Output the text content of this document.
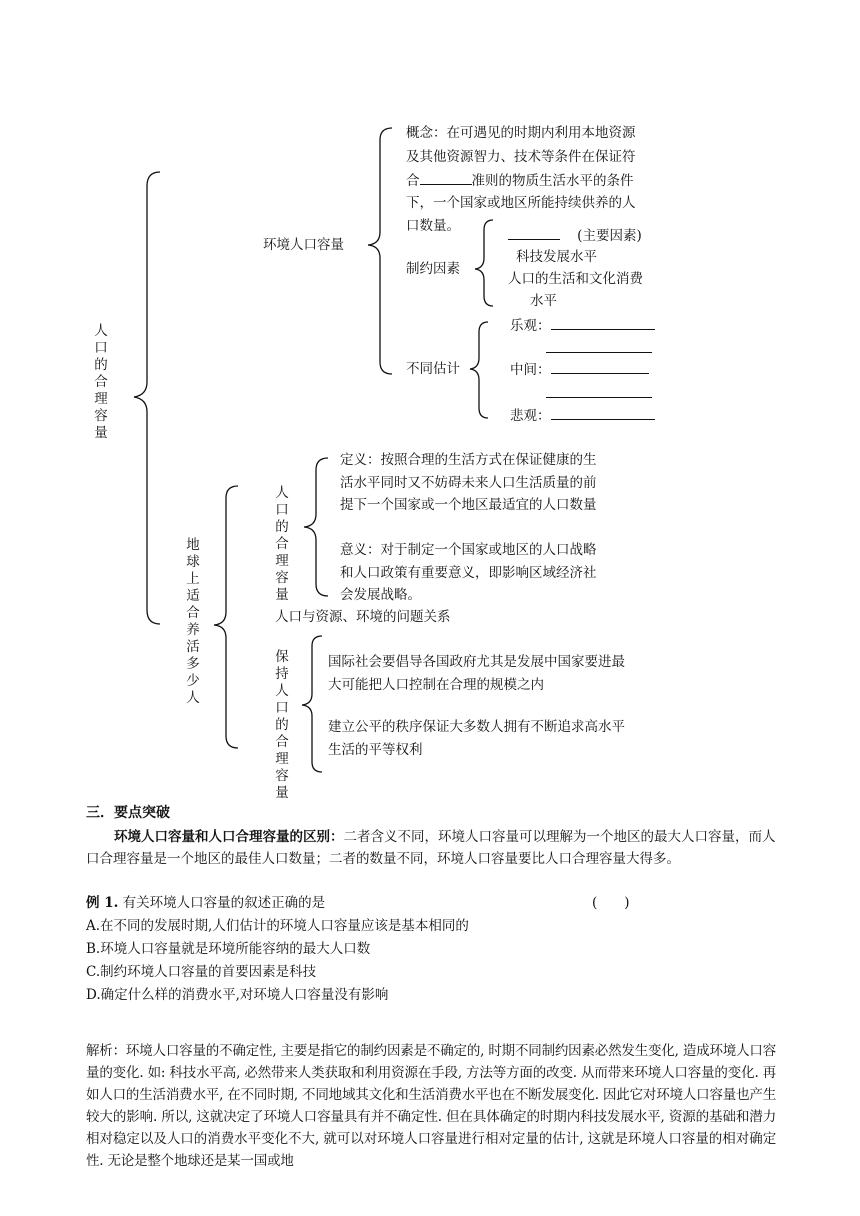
人口的合理容量
环境人口容量
概念：在可遇见的时期内利用本地资源
及其他资源智力、技术等条件在保证符
合	准则的物质生活水平的条件
下，一个国家或地区所能持续供养的人
口数量。
制约因素
(主要因素)
科技发展水平
人口的生活和文化消费
水平
不同估计
乐观：
中间：
悲观：
地球上适合养活多少人
人口的合理容量
定义：按照合理的生活方式在保证健康的生
活水平同时又不妨碍未来人口生活质量的前
提下一个国家或一个地区最适宜的人口数量
意义：对于制定一个国家或地区的人口战略
和人口政策有重要意义，即影响区域经济社
会发展战略。
人口与资源、环境的问题关系
保持人口的合理容量
国际社会要倡导各国政府尤其是发展中国家要进最
大可能把人口控制在合理的规模之内
建立公平的秩序保证大多数人拥有不断追求高水平
生活的平等权利
三．要点突破
环境人口容量和人口合理容量的区别：二者含义不同，环境人口容量可以理解为一个地区的最大人口容量，而人口合理容量是一个地区的最佳人口数量；二者的数量不同，环境人口容量要比人口合理容量大得多。
例 1. 有关环境人口容量的叙述正确的是	(　　)
A.在不同的发展时期,人们估计的环境人口容量应该是基本相同的
B.环境人口容量就是环境所能容纳的最大人口数
C.制约环境人口容量的首要因素是科技
D.确定什么样的消费水平,对环境人口容量没有影响
解析：环境人口容量的不确定性, 主要是指它的制约因素是不确定的, 时期不同制约因素必然发生变化, 造成环境人口容量的变化. 如: 科技水平高, 必然带来人类获取和利用资源在手段, 方法等方面的改变. 从而带来环境人口容量的变化. 再如人口的生活消费水平, 在不同时期, 不同地域其文化和生活消费水平也在不断发展变化. 因此它对环境人口容量也产生较大的影响. 所以, 这就决定了环境人口容量具有并不确定性. 但在具体确定的时期内科技发展水平, 资源的基础和潜力相对稳定以及人口的消费水平变化不大, 就可以对环境人口容量进行相对定量的估计, 这就是环境人口容量的相对确定性. 无论是整个地球还是某一国或地
